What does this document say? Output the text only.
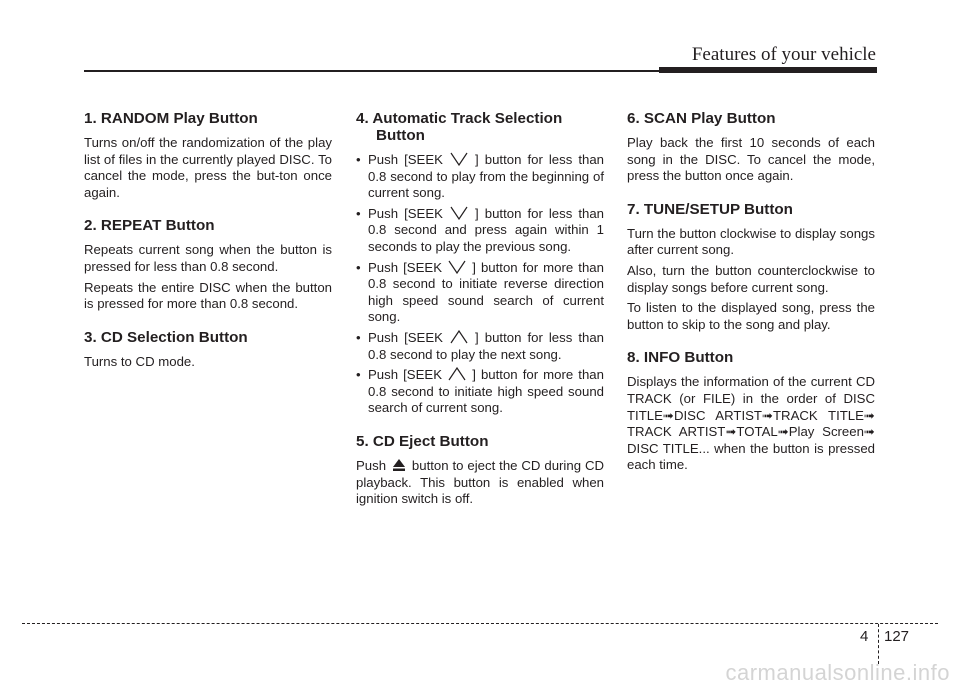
Features of your vehicle
1. RANDOM Play Button

Turns on/off the randomization of the play list of files in the currently played DISC. To cancel the mode, press the but-ton once again.

2. REPEAT Button

Repeats current song when the button is pressed for less than 0.8 second.

Repeats the entire DISC when the button is pressed for more than 0.8 second.

3. CD Selection Button

Turns to CD mode.

4. Automatic Track Selection Button
• Push [SEEK ] button for less than 0.8 second to play from the beginning of current song.
• Push [SEEK ] button for less than 0.8 second and press again within 1 seconds to play the previous song.
• Push [SEEK ] button for more than 0.8 second to initiate reverse direction high speed sound search of current song.
• Push [SEEK ] button for less than 0.8 second to play the next song.
• Push [SEEK ] button for more than 0.8 second to initiate high speed sound search of current song.
5. CD Eject Button

Push button to eject the CD during CD playback. This button is enabled when ignition switch is off.

6. SCAN Play Button

Play back the first 10 seconds of each song in the DISC. To cancel the mode, press the button once again.

7. TUNE/SETUP Button

Turn the button clockwise to display songs after current song.

Also, turn the button counterclockwise to display songs before current song.

To listen to the displayed song, press the button to skip to the song and play.

8. INFO Button

Displays the information of the current CD TRACK (or FILE) in the order of DISC TITLE➟DISC ARTIST➟TRACK TITLE➟ TRACK ARTIST➟TOTAL➟Play Screen➟ DISC TITLE... when the button is pressed each time.

4 127
carmanualsonline.info
